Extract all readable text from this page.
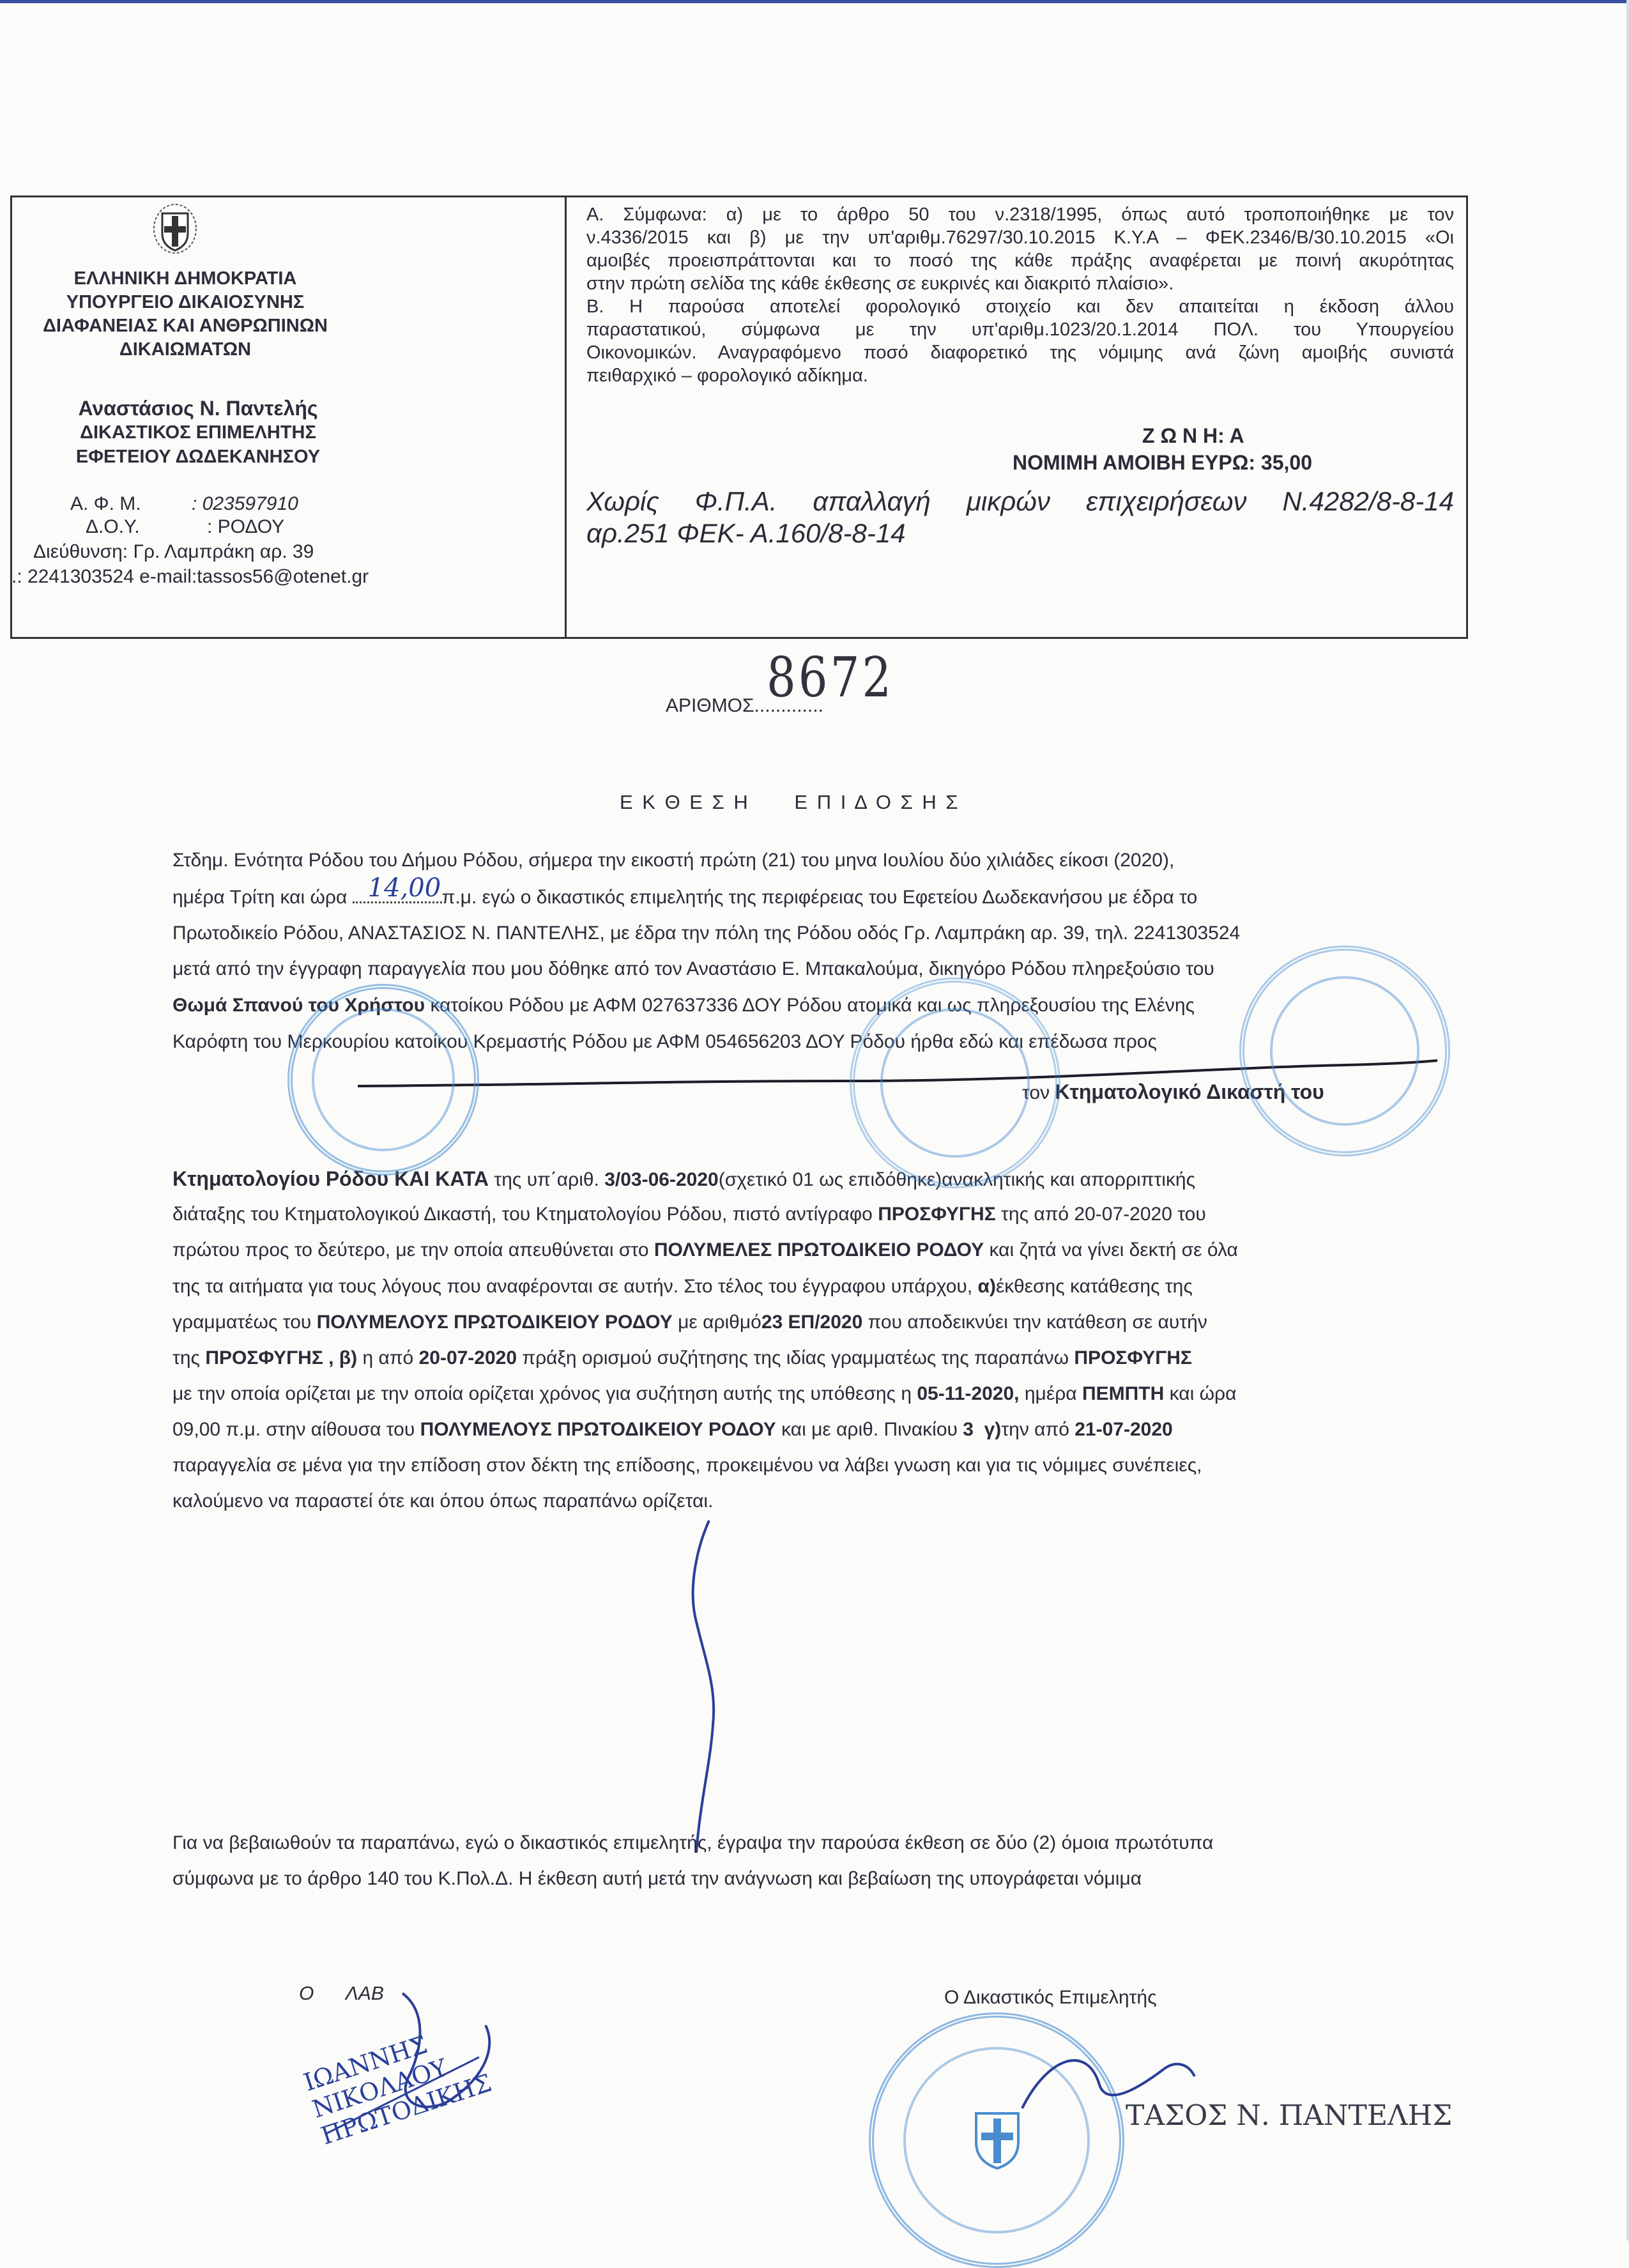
ΕΛΛΗΝΙΚΗ ΔΗΜΟΚΡΑΤΙΑ
ΥΠΟΥΡΓΕΙΟ ΔΙΚΑΙΟΣΥΝΗΣ
ΔΙΑΦΑΝΕΙΑΣ ΚΑΙ ΑΝΘΡΩΠΙΝΩΝ
ΔΙΚΑΙΩΜΑΤΩΝ
Αναστάσιος Ν. Παντελής
ΔΙΚΑΣΤΙΚΟΣ ΕΠΙΜΕΛΗΤΗΣ
ΕΦΕΤΕΙΟΥ ΔΩΔΕΚΑΝΗΣΟΥ
Α. Φ. Μ.	: 023597910
Δ.Ο.Υ.	: ΡΟΔΟΥ
Διεύθυνση: Γρ. Λαμπράκη αρ. 39
.: 2241303524 e-mail:tassos56@otenet.gr
Α. Σύμφωνα: α) με το άρθρο 50 του ν.2318/1995, όπως αυτό τροποποιήθηκε με τον
ν.4336/2015 και β) με την υπ'αριθμ.76297/30.10.2015 Κ.Υ.Α – ΦΕΚ.2346/Β/30.10.2015 «Οι
αμοιβές προεισπράττονται και το ποσό της κάθε πράξης αναφέρεται με ποινή ακυρότητας
στην πρώτη σελίδα της κάθε έκθεσης σε ευκρινές και διακριτό πλαίσιο».
Β. Η παρούσα αποτελεί φορολογικό στοιχείο και δεν απαιτείται η έκδοση άλλου
παραστατικού, σύμφωνα με την υπ'αριθμ.1023/20.1.2014 ΠΟΛ. του Υπουργείου
Οικονομικών. Αναγραφόμενο ποσό διαφορετικό της νόμιμης ανά ζώνη αμοιβής συνιστά
πειθαρχικό – φορολογικό αδίκημα.
Ζ Ω Ν Η: Α
ΝΟΜΙΜΗ ΑΜΟΙΒΗ ΕΥΡΩ: 35,00
Χωρίς Φ.Π.Α. απαλλαγή μικρών επιχειρήσεων Ν.4282/8-8-14
αρ.251 ΦΕΚ- Α.160/8-8-14
ΑΡΙΘΜΟΣ.............
8672
Ε Κ Θ Ε Σ Η      Ε Π Ι Δ Ο Σ Η Σ
Στδημ. Ενότητα Ρόδου του Δήμου Ρόδου, σήμερα την εικοστή πρώτη (21) του μηνα Ιουλίου δύο χιλιάδες είκοσι (2020),
ημέρα Τρίτη και ώρα 14,00 π.μ. εγώ ο δικαστικός επιμελητής της περιφέρειας του Εφετείου Δωδεκανήσου με έδρα το
Πρωτοδικείο Ρόδου, ΑΝΑΣΤΑΣΙΟΣ Ν. ΠΑΝΤΕΛΗΣ, με έδρα την πόλη της Ρόδου οδός Γρ. Λαμπράκη αρ. 39, τηλ. 2241303524
μετά από την έγγραφη παραγγελία που μου δόθηκε από τον Αναστάσιο Ε. Μπακαλούμα, δικηγόρο Ρόδου πληρεξούσιο του
Θωμά Σπανού του Χρήστου κατοίκου Ρόδου με ΑΦΜ 027637336 ΔΟΥ Ρόδου ατομικά και ως πληρεξουσίου της Ελένης
Καρόφτη του Μερκουρίου κατοίκου Κρεμαστής Ρόδου με ΑΦΜ 054656203 ΔΟΥ Ρόδου ήρθα εδώ και επέδωσα προς
τον Κτηματολογικό Δικαστή του
Κτηματολογίου Ρόδου ΚΑΙ ΚΑΤΑ της υπ΄αριθ. 3/03-06-2020(σχετικό 01 ως επιδόθηκε)ανακλητικής και απορριπτικής
διάταξης του Κτηματολογικού Δικαστή, του Κτηματολογίου Ρόδου, πιστό αντίγραφο ΠΡΟΣΦΥΓΗΣ της από 20-07-2020 του
πρώτου προς το δεύτερο, με την οποία απευθύνεται στο ΠΟΛΥΜΕΛΕΣ ΠΡΩΤΟΔΙΚΕΙΟ ΡΟΔΟΥ και ζητά να γίνει δεκτή σε όλα
της τα αιτήματα για τους λόγους που αναφέρονται σε αυτήν. Στο τέλος του έγγραφου υπάρχου, α)έκθεσης κατάθεσης της
γραμματέως του ΠΟΛΥΜΕΛΟΥΣ ΠΡΩΤΟΔΙΚΕΙΟΥ ΡΟΔΟΥ με αριθμό23 ΕΠ/2020 που αποδεικνύει την κατάθεση σε αυτήν
της ΠΡΟΣΦΥΓΗΣ , β) η από 20-07-2020 πράξη ορισμού συζήτησης της ιδίας γραμματέως της παραπάνω ΠΡΟΣΦΥΓΗΣ
με την οποία ορίζεται με την οποία ορίζεται χρόνος για συζήτηση αυτής της υπόθεσης η 05-11-2020, ημέρα ΠΕΜΠΤΗ και ώρα
09,00 π.μ. στην αίθουσα του ΠΟΛΥΜΕΛΟΥΣ ΠΡΩΤΟΔΙΚΕΙΟΥ ΡΟΔΟΥ και με αριθ. Πινακίου 3 γ)την από 21-07-2020
παραγγελία σε μένα για την επίδοση στον δέκτη της επίδοσης, προκειμένου να λάβει γνωση και για τις νόμιμες συνέπειες,
καλούμενο να παραστεί ότε και όπου όπως παραπάνω ορίζεται.
Για να βεβαιωθούν τα παραπάνω, εγώ ο δικαστικός επιμελητής, έγραψα την παρούσα έκθεση σε δύο (2) όμοια πρωτότυπα
σύμφωνα με το άρθρο 140 του Κ.Πολ.Δ. Η έκθεση αυτή μετά την ανάγνωση και βεβαίωση της υπογράφεται νόμιμα
Ο      ΛΑΒ
ΙΩΑΝΝΗΣ ΝΙΚΟΛΑΟΥ ΠΡΩΤΟΔΙΚΗΣ
Ο Δικαστικός Επιμελητής
ΤΑΣΟΣ Ν. ΠΑΝΤΕΛΗΣ
